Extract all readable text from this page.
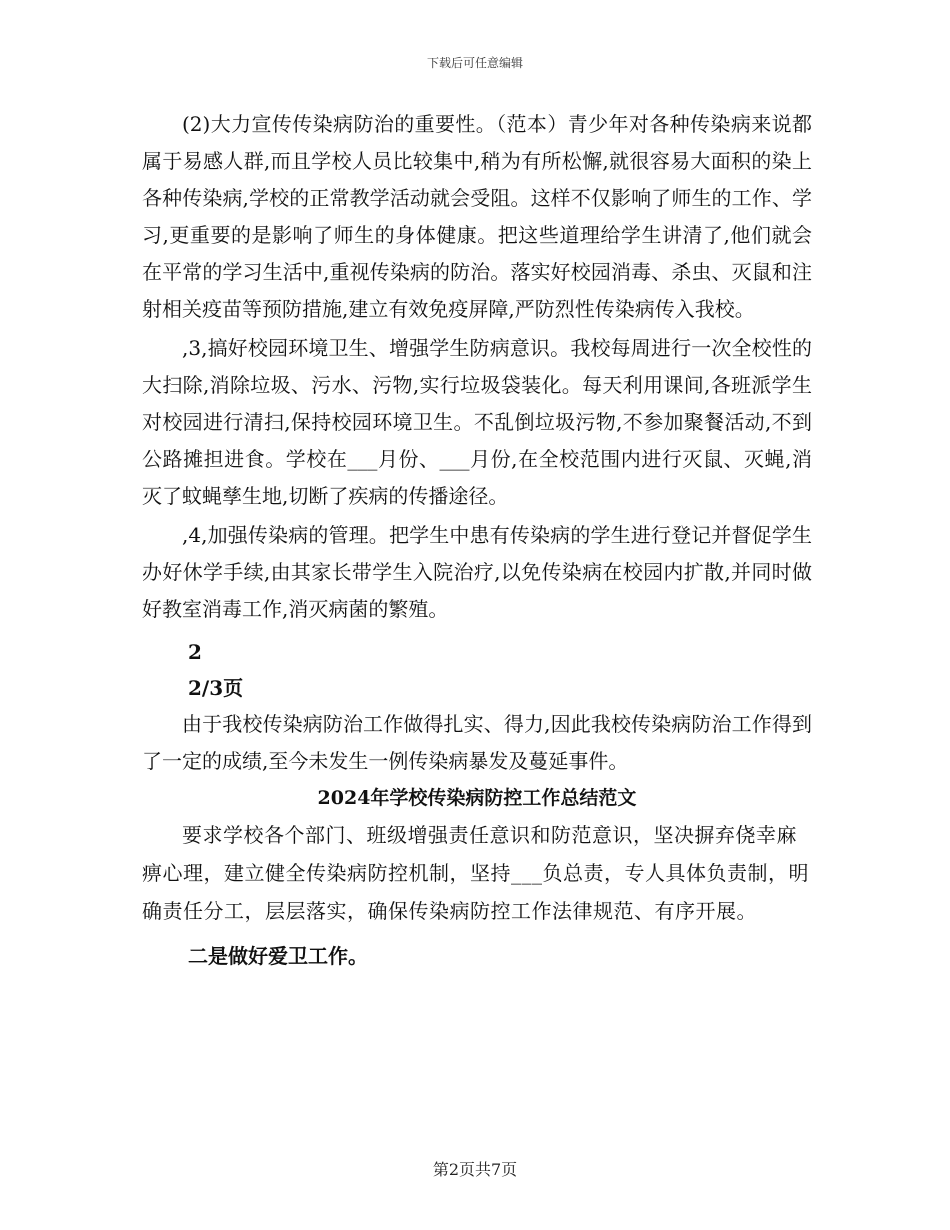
下载后可任意编辑

(2)大力宣传传染病防治的重要性。（范本）青少年对各种传染病来说都属于易感人群,而且学校人员比较集中,稍为有所松懈,就很容易大面积的染上各种传染病,学校的正常教学活动就会受阻。这样不仅影响了师生的工作、学习,更重要的是影响了师生的身体健康。把这些道理给学生讲清了,他们就会在平常的学习生活中,重视传染病的防治。落实好校园消毒、杀虫、灭鼠和注射相关疫苗等预防措施,建立有效免疫屏障,严防烈性传染病传入我校。

,3,搞好校园环境卫生、增强学生防病意识。我校每周进行一次全校性的大扫除,消除垃圾、污水、污物,实行垃圾袋装化。每天利用课间,各班派学生对校园进行清扫,保持校园环境卫生。不乱倒垃圾污物,不参加聚餐活动,不到公路摊担进食。学校在___月份、___月份,在全校范围内进行灭鼠、灭蝇,消灭了蚊蝇孳生地,切断了疾病的传播途径。

,4,加强传染病的管理。把学生中患有传染病的学生进行登记并督促学生办好休学手续,由其家长带学生入院治疗,以免传染病在校园内扩散,并同时做好教室消毒工作,消灭病菌的繁殖。

2
2/3页

由于我校传染病防治工作做得扎实、得力,因此我校传染病防治工作得到了一定的成绩,至今未发生一例传染病暴发及蔓延事件。

2024年学校传染病防控工作总结范文

要求学校各个部门、班级增强责任意识和防范意识，坚决摒弃侥幸麻痹心理，建立健全传染病防控机制，坚持___负总责，专人具体负责制，明确责任分工，层层落实，确保传染病防控工作法律规范、有序开展。

二是做好爱卫工作。
第2页共7页
